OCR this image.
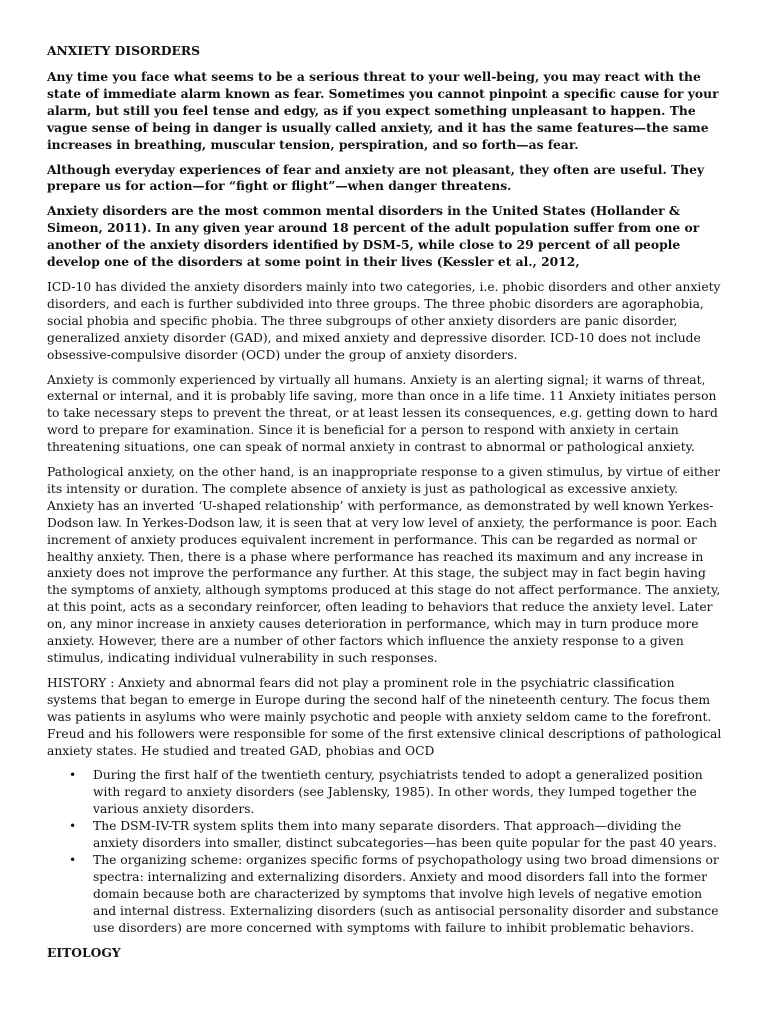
ANXIETY DISORDERS

Any time you face what seems to be a serious threat to your well-being, you may react with the state of immediate alarm known as fear. Sometimes you cannot pinpoint a specific cause for your alarm, but still you feel tense and edgy, as if you expect something unpleasant to happen. The vague sense of being in danger is usually called anxiety, and it has the same features—the same increases in breathing, muscular tension, perspiration, and so forth—as fear.

Although everyday experiences of fear and anxiety are not pleasant, they often are useful. They prepare us for action—for “fight or flight”—when danger threatens.

Anxiety disorders are the most common mental disorders in the United States (Hollander & Simeon, 2011). In any given year around 18 percent of the adult population suffer from one or another of the anxiety disorders identified by DSM-5, while close to 29 percent of all people develop one of the disorders at some point in their lives (Kessler et al., 2012,

ICD-10 has divided the anxiety disorders mainly into two categories, i.e. phobic disorders and other anxiety disorders, and each is further subdivided into three groups. The three phobic disorders are agoraphobia, social phobia and specific phobia. The three subgroups of other anxiety disorders are panic disorder, generalized anxiety disorder (GAD), and mixed anxiety and depressive disorder. ICD-10 does not include obsessive-compulsive disorder (OCD) under the group of anxiety disorders.

Anxiety is commonly experienced by virtually all humans. Anxiety is an alerting signal; it warns of threat, external or internal, and it is probably life saving, more than once in a life time. 11 Anxiety initiates person to take necessary steps to prevent the threat, or at least lessen its consequences, e.g. getting down to hard word to prepare for examination. Since it is beneficial for a person to respond with anxiety in certain threatening situations, one can speak of normal anxiety in contrast to abnormal or pathological anxiety.

Pathological anxiety, on the other hand, is an inappropriate response to a given stimulus, by virtue of either its intensity or duration. The complete absence of anxiety is just as pathological as excessive anxiety. Anxiety has an inverted ‘U-shaped relationship’ with performance, as demonstrated by well known Yerkes-Dodson law. In Yerkes-Dodson law, it is seen that at very low level of anxiety, the performance is poor. Each increment of anxiety produces equivalent increment in performance. This can be regarded as normal or healthy anxiety. Then, there is a phase where performance has reached its maximum and any increase in anxiety does not improve the performance any further. At this stage, the subject may in fact begin having the symptoms of anxiety, although symptoms produced at this stage do not affect performance. The anxiety, at this point, acts as a secondary reinforcer, often leading to behaviors that reduce the anxiety level. Later on, any minor increase in anxiety causes deterioration in performance, which may in turn produce more anxiety. However, there are a number of other factors which influence the anxiety response to a given stimulus, indicating individual vulnerability in such responses.

HISTORY : Anxiety and abnormal fears did not play a prominent role in the psychiatric classification systems that began to emerge in Europe during the second half of the nineteenth century. The focus them was patients in asylums who were mainly psychotic and people with anxiety seldom came to the forefront. Freud and his followers were responsible for some of the first extensive clinical descriptions of pathological anxiety states. He studied and treated GAD, phobias and OCD

• During the first half of the twentieth century, psychiatrists tended to adopt a generalized position with regard to anxiety disorders (see Jablensky, 1985). In other words, they lumped together the various anxiety disorders.
• The DSM-IV-TR system splits them into many separate disorders. That approach—dividing the anxiety disorders into smaller, distinct subcategories—has been quite popular for the past 40 years.
• The organizing scheme: organizes specific forms of psychopathology using two broad dimensions or spectra: internalizing and externalizing disorders. Anxiety and mood disorders fall into the former domain because both are characterized by symptoms that involve high levels of negative emotion and internal distress. Externalizing disorders (such as antisocial personality disorder and substance use disorders) are more concerned with symptoms with failure to inhibit problematic behaviors.
EITOLOGY
